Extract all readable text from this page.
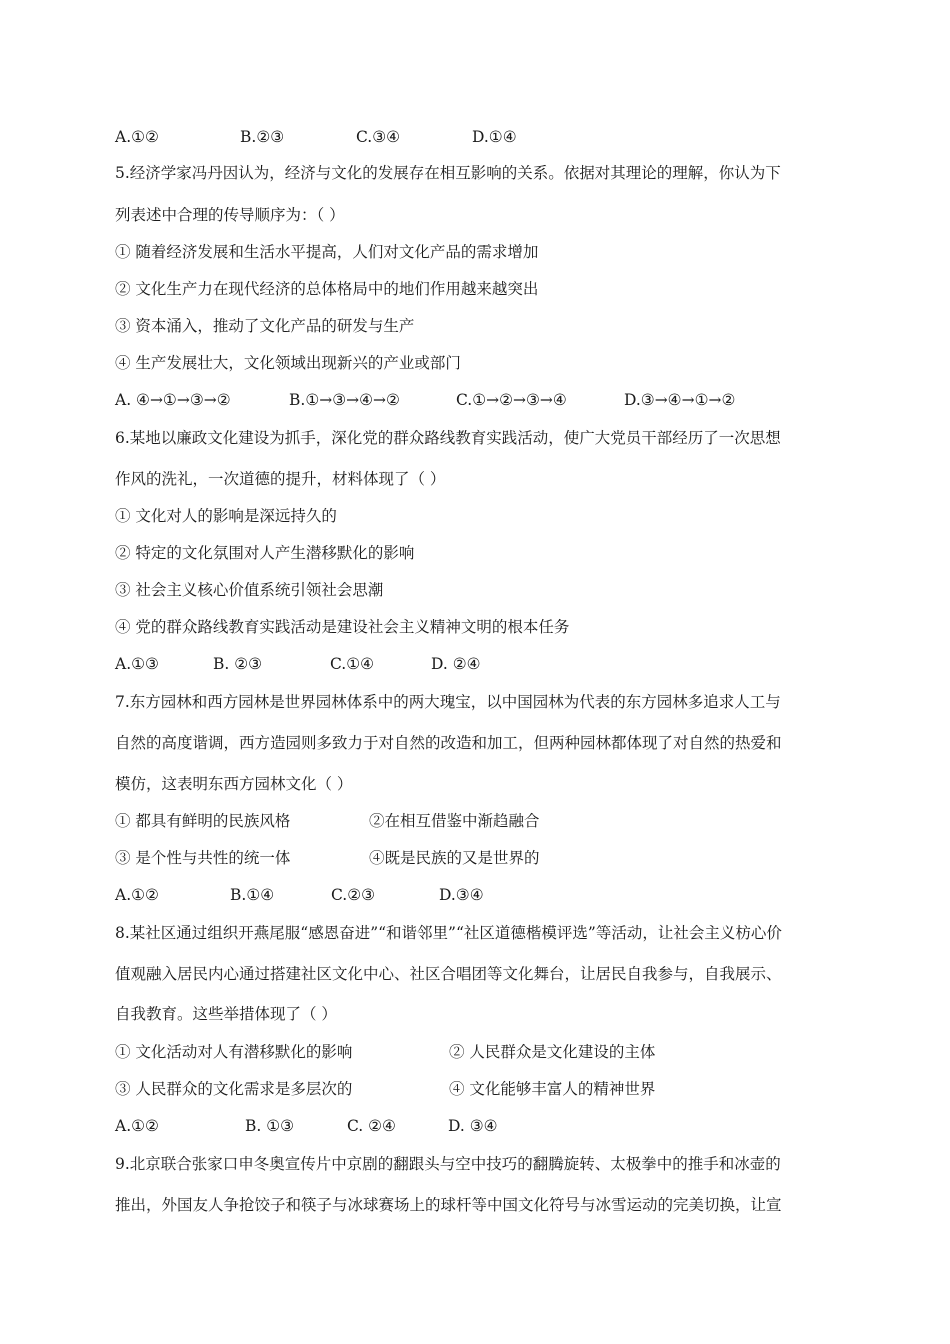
A.①②	B.②③	C.③④	D.①④
5.经济学家冯丹因认为，经济与文化的发展存在相互影响的关系。依据对其理论的理解，你认为下
列表述中合理的传导顺序为：（ ）
① 随着经济发展和生活水平提高，人们对文化产品的需求增加
② 文化生产力在现代经济的总体格局中的地们作用越来越突出
③ 资本涌入，推动了文化产品的研发与生产
④ 生产发展壮大，文化领域出现新兴的产业或部门
A. ④→①→③→②	B.①→③→④→②	C.①→②→③→④	D.③→④→①→②
6.某地以廉政文化建设为抓手，深化党的群众路线教育实践活动，使广大党员干部经历了一次思想
作风的洗礼，一次道德的提升，材料体现了（ ）
① 文化对人的影响是深远持久的
② 特定的文化氛围对人产生潜移默化的影响
③ 社会主义核心价值系统引领社会思潮
④ 党的群众路线教育实践活动是建设社会主义精神文明的根本任务
A.①③	B. ②③	C.①④	D. ②④
7.东方园林和西方园林是世界园林体系中的两大瑰宝，以中国园林为代表的东方园林多追求人工与
自然的高度谐调，西方造园则多致力于对自然的改造和加工，但两种园林都体现了对自然的热爱和
模仿，这表明东西方园林文化（ ）
① 都具有鲜明的民族风格	②在相互借鉴中渐趋融合
③ 是个性与共性的统一体	④既是民族的又是世界的
A.①②	B.①④	C.②③	D.③④
8.某社区通过组织开燕尾服“感恩奋进”“和谐邻里”“社区道德楷模评选”等活动，让社会主义枋心价
值观融入居民内心通过搭建社区文化中心、社区合唱团等文化舞台，让居民自我参与，自我展示、
自我教育。这些举措体现了（ ）
① 文化活动对人有潜移默化的影响	② 人民群众是文化建设的主体
③ 人民群众的文化需求是多层次的	④ 文化能够丰富人的精神世界
A.①②	B. ①③	C. ②④	D. ③④
9.北京联合张家口申冬奥宣传片中京剧的翻跟头与空中技巧的翻腾旋转、太极拳中的推手和冰壶的
推出，外国友人争抢饺子和筷子与冰球赛场上的球杆等中国文化符号与冰雪运动的完美切换，让宣
